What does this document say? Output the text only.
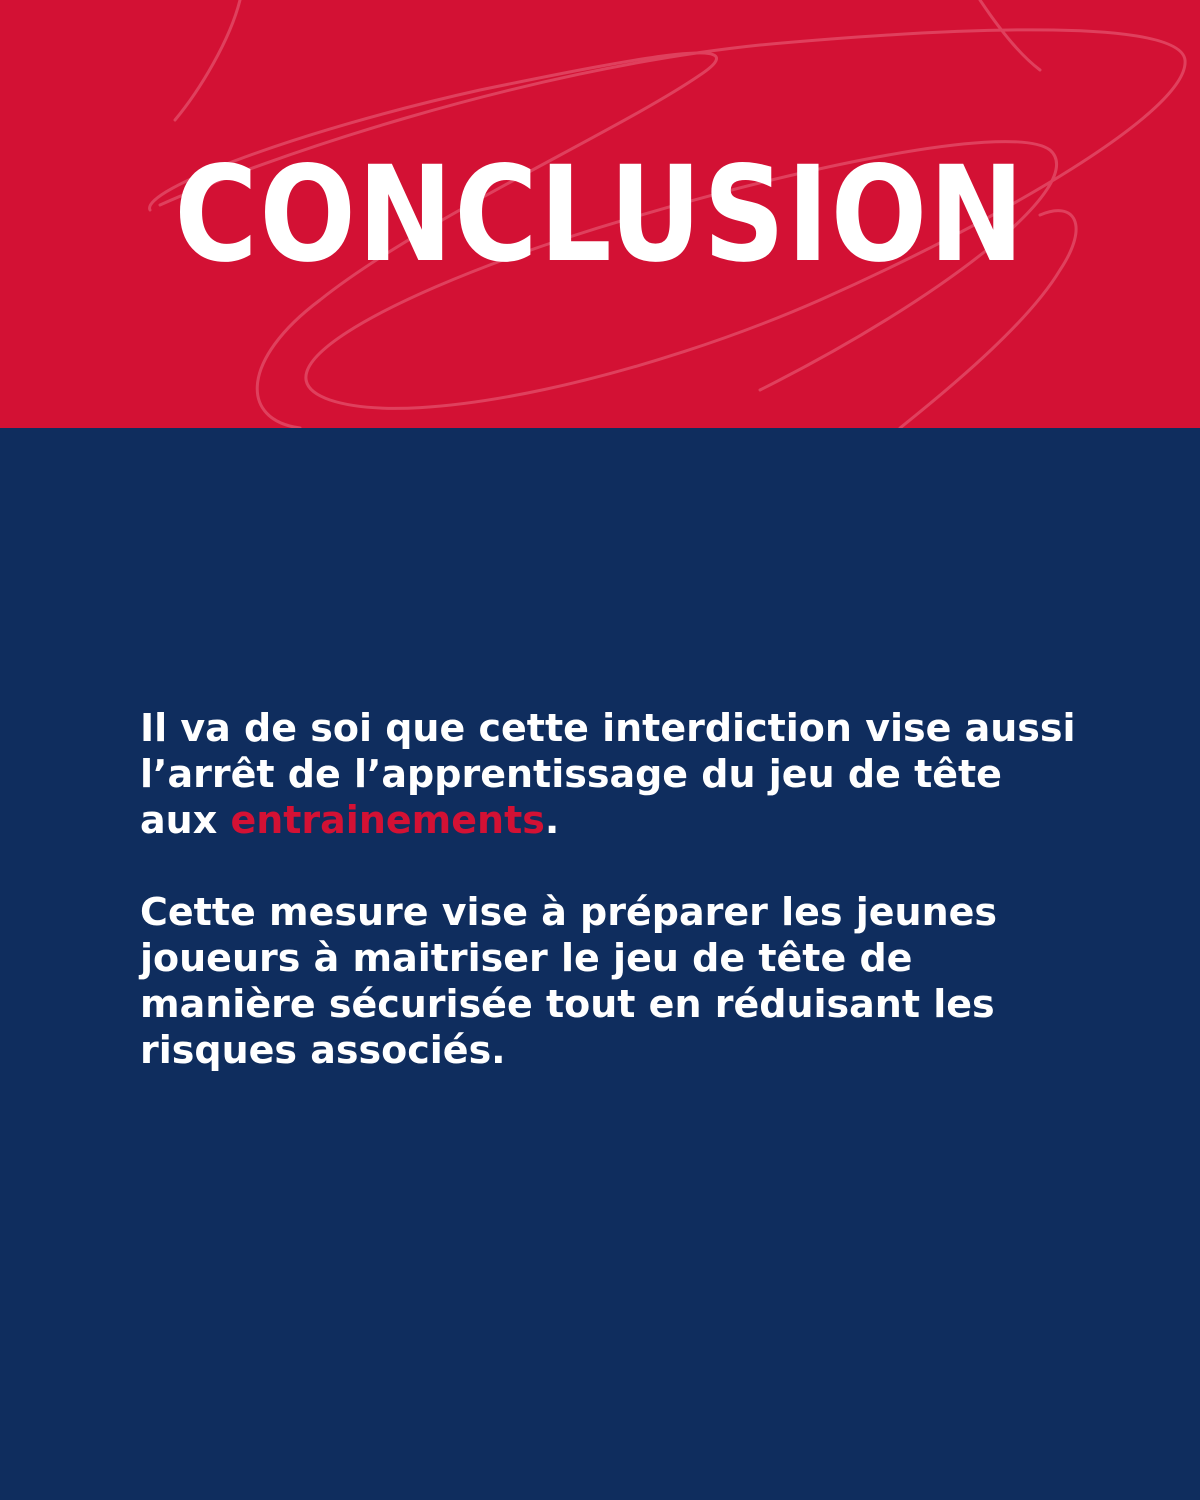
CONCLUSION

Il va de soi que cette interdiction vise aussi l’arrêt de l’apprentissage du jeu de tête aux entrainements.

Cette mesure vise à préparer les jeunes joueurs à maitriser le jeu de tête de manière sécurisée tout en réduisant les risques associés.
